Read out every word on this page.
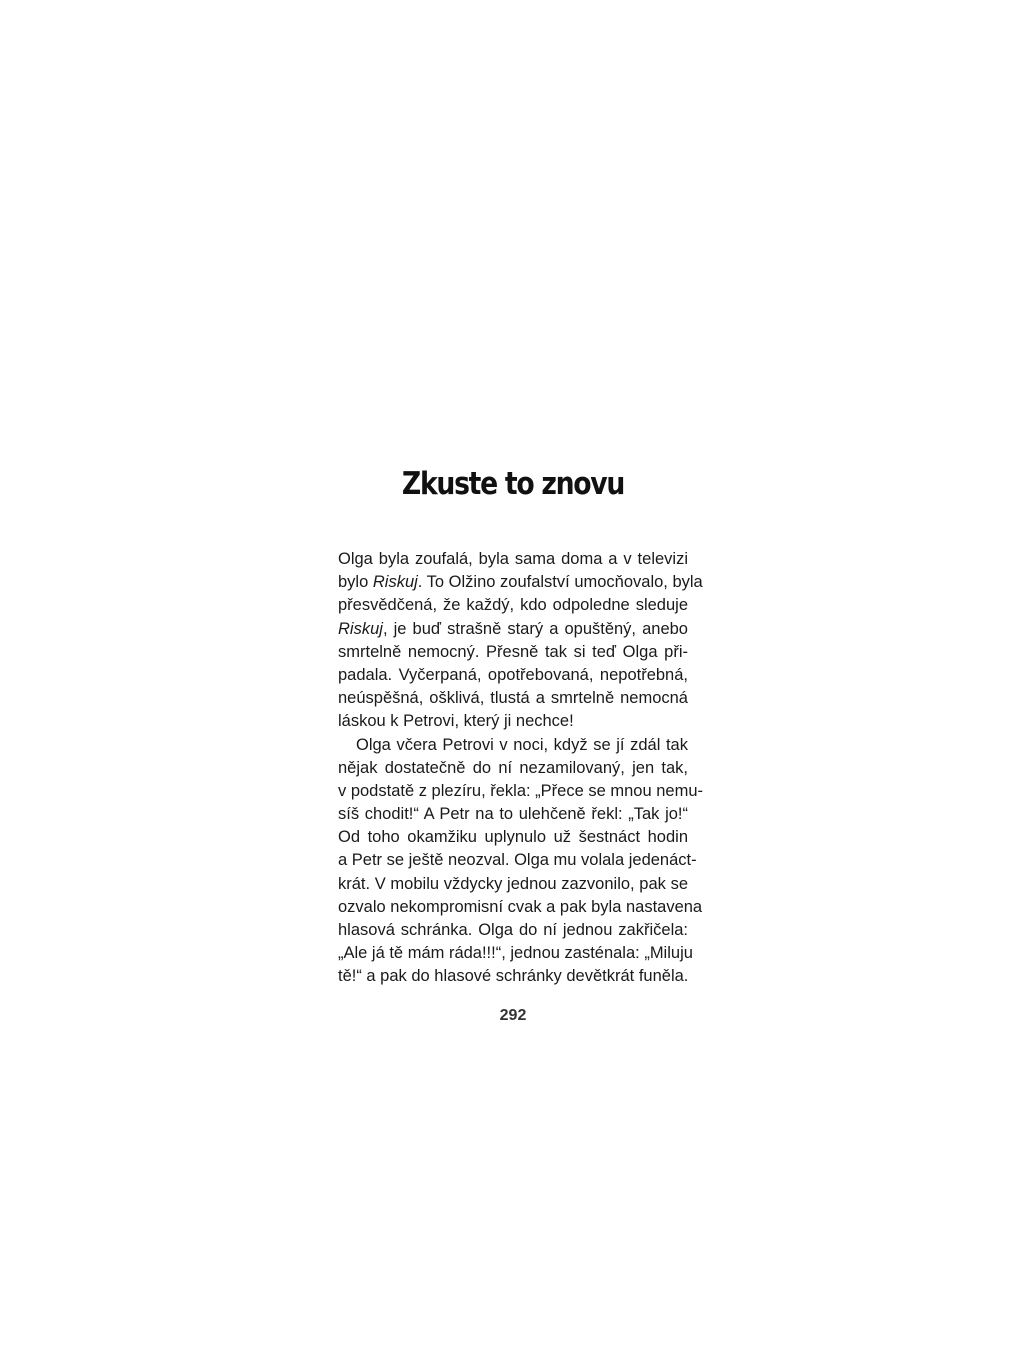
Zkuste to znovu
Olga byla zoufalá, byla sama doma a v televizi
bylo Riskuj. To Olžino zoufalství umocňovalo, byla
přesvědčená, že každý, kdo odpoledne sleduje
Riskuj, je buď strašně starý a opuštěný, anebo
smrtelně nemocný. Přesně tak si teď Olga při-
padala. Vyčerpaná, opotřebovaná, nepotřebná,
neúspěšná, ošklivá, tlustá a smrtelně nemocná
láskou k Petrovi, který ji nechce!
Olga včera Petrovi v noci, když se jí zdál tak
nějak dostatečně do ní nezamilovaný, jen tak,
v podstatě z plezíru, řekla: „Přece se mnou nemu-
síš chodit!“ A Petr na to ulehčeně řekl: „Tak jo!“
Od toho okamžiku uplynulo už šestnáct hodin
a Petr se ještě neozval. Olga mu volala jedenáct-
krát. V mobilu vždycky jednou zazvonilo, pak se
ozvalo nekompromisní cvak a pak byla nastavena
hlasová schránka. Olga do ní jednou zakřičela:
„Ale já tě mám ráda!!!“, jednou zasténala: „Miluju
tě!“ a pak do hlasové schránky devětkrát funěla.
292
